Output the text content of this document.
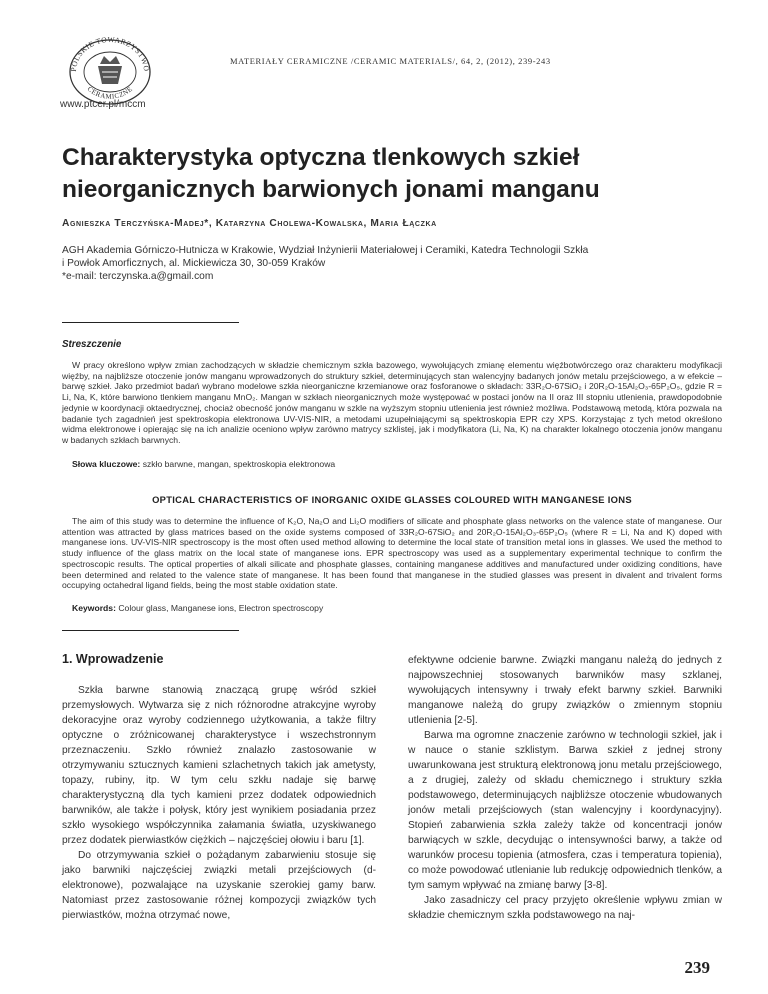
POLSKIE TOWARZYSTWO
CERAMICZNE
www.ptcer.pl/mccm
MATERIAŁY CERAMICZNE /CERAMIC MATERIALS/, 64, 2, (2012), 239-243
Charakterystyka optyczna tlenkowych szkieł
nieorganicznych barwionych jonami manganu
Agnieszka Terczyńska-Madej*, Katarzyna Cholewa-Kowalska, Maria Łączka
AGH Akademia Górniczo-Hutnicza w Krakowie, Wydział Inżynierii Materiałowej i Ceramiki, Katedra Technologii Szkła
i Powłok Amorficznych, al. Mickiewicza 30, 30-059 Kraków
*e-mail: terczynska.a@gmail.com
Streszczenie

W pracy określono wpływ zmian zachodzących w składzie chemicznym szkła bazowego, wywołujących zmianę elementu więźbotwórczego oraz charakteru modyfikacji więźby, na najbliższe otoczenie jonów manganu wprowadzonych do struktury szkieł, determinujących stan walencyjny badanych jonów metalu przejściowego, a w efekcie – barwę szkieł. Jako przedmiot badań wybrano modelowe szkła nieorganiczne krzemianowe oraz fosforanowe o składach: 33R₂O-67SiO₂ i 20R₂O-15Al₂O₃-65P₂O₅, gdzie R = Li, Na, K, które barwiono tlenkiem manganu MnO₂. Mangan w szkłach nieorganicznych może występować w postaci jonów na II oraz III stopniu utlenienia, prawdopodobnie jedynie w koordynacji oktaedrycznej, chociaż obecność jonów manganu w szkle na wyższym stopniu utlenienia jest również możliwa. Podstawową metodą, która pozwala na badanie tych zagadnień jest spektroskopia elektronowa UV-VIS-NIR, a metodami uzupełniającymi są spektroskopia EPR czy XPS. Korzystając z tych metod określono widma elektronowe i opierając się na ich analizie oceniono wpływ zarówno matrycy szklistej, jak i modyfikatora (Li, Na, K) na charakter lokalnego otoczenia jonów manganu w badanych szkłach barwnych.

Słowa kluczowe: szkło barwne, mangan, spektroskopia elektronowa
OPTICAL CHARACTERISTICS OF INORGANIC OXIDE GLASSES COLOURED WITH MANGANESE IONS

The aim of this study was to determine the influence of K₂O, Na₂O and Li₂O modifiers of silicate and phosphate glass networks on the valence state of manganese. Our attention was attracted by glass matrices based on the oxide systems composed of 33R₂O-67SiO₂ and 20R₂O-15Al₂O₃-65P₂O₅ (where R = Li, Na and K) doped with manganese ions. UV-VIS-NIR spectroscopy is the most often used method allowing to determine the local state of transition metal ions in glasses. We used the method to study influence of the glass matrix on the local state of manganese ions. EPR spectroscopy was used as a supplementary experimental technique to confirm the spectroscopic results. The optical properties of alkali silicate and phosphate glasses, containing manganese additives and manufactured under oxidizing conditions, have been determined and related to the valence state of manganese. It has been found that manganese in the studied glasses was present in divalent and trivalent forms occupying octahedral ligand fields, being the most stable oxidation state.

Keywords: Colour glass, Manganese ions, Electron spectroscopy
1. Wprowadzenie

Szkła barwne stanowią znaczącą grupę wśród szkieł przemysłowych. Wytwarza się z nich różnorodne atrakcyjne wyroby dekoracyjne oraz wyroby codziennego użytkowania, a także filtry optyczne o zróżnicowanej charakterystyce i wszechstronnym przeznaczeniu. Szkło również znalazło zastosowanie w otrzymywaniu sztucznych kamieni szlachetnych takich jak ametysty, topazy, rubiny, itp. W tym celu szkłu nadaje się barwę charakterystyczną dla tych kamieni przez dodatek odpowiednich barwników, ale także i połysk, który jest wynikiem posiadania przez szkło wysokiego współczynnika załamania światła, uzyskiwanego przez dodatek pierwiastków ciężkich – najczęściej ołowiu i baru [1].

Do otrzymywania szkieł o pożądanym zabarwieniu stosuje się jako barwniki najczęściej związki metali przejściowych (d-elektronowe), pozwalające na uzyskanie szerokiej gamy barw. Natomiast przez zastosowanie różnej kompozycji związków tych pierwiastków, można otrzymać nowe,

efektywne odcienie barwne. Związki manganu należą do jednych z najpowszechniej stosowanych barwników masy szklanej, wywołujących intensywny i trwały efekt barwny szkieł. Barwniki manganowe należą do grupy związków o zmiennym stopniu utlenienia [2-5].

Barwa ma ogromne znaczenie zarówno w technologii szkieł, jak i w nauce o stanie szklistym. Barwa szkieł z jednej strony uwarunkowana jest strukturą elektronową jonu metalu przejściowego, a z drugiej, zależy od składu chemicznego i struktury szkła podstawowego, determinujących najbliższe otoczenie wbudowanych jonów metali przejściowych (stan walencyjny i koordynacyjny). Stopień zabarwienia szkła zależy także od koncentracji jonów barwiących w szkle, decydując o intensywności barwy, a także od warunków procesu topienia (atmosfera, czas i temperatura topienia), co może powodować utlenianie lub redukcję odpowiednich tlenków, a tym samym wpływać na zmianę barwy [3-8].

Jako zasadniczy cel pracy przyjęto określenie wpływu zmian w składzie chemicznym szkła podstawowego na naj-

239
